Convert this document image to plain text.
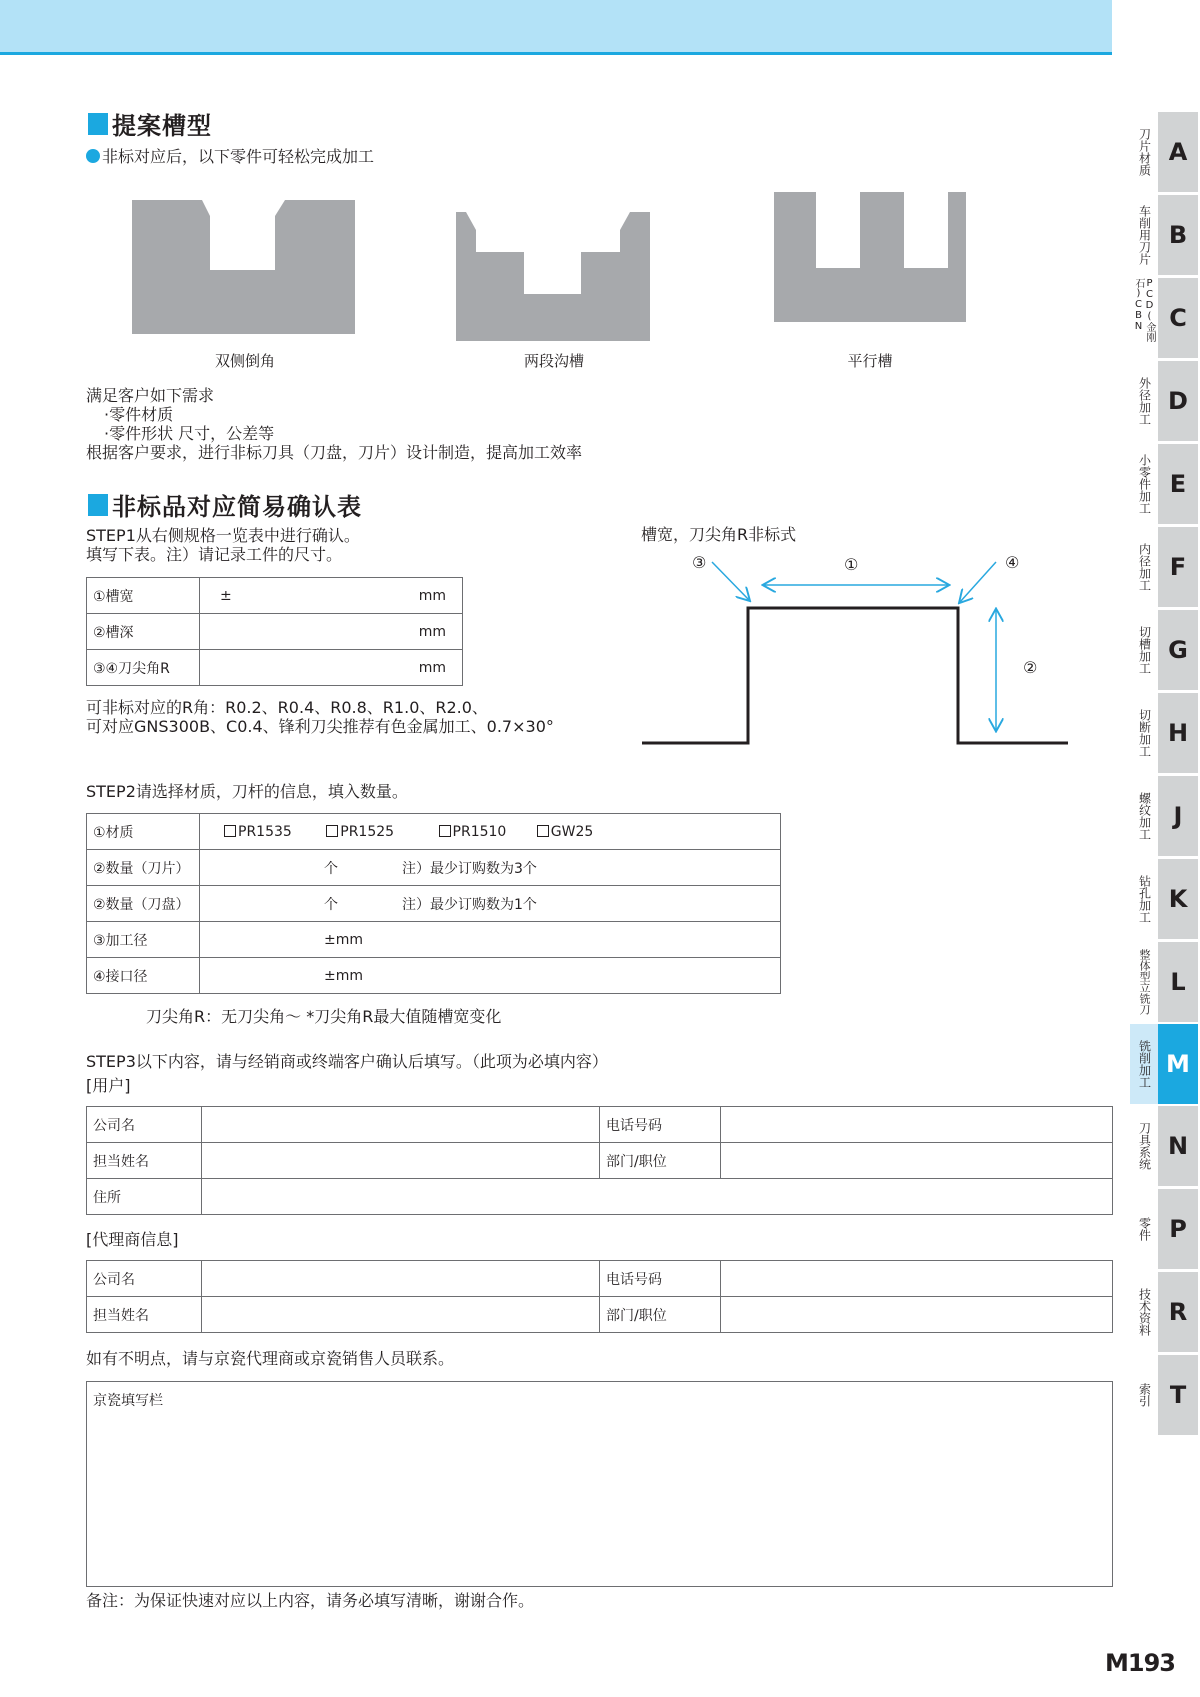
提案槽型
非标对应后，以下零件可轻松完成加工
双侧倒角	两段沟槽	平行槽
满足客户如下需求
·零件材质
·零件形状 尺寸，公差等
根据客户要求，进行非标刀具（刀盘，刀片）设计制造，提高加工效率
非标品对应简易确认表
STEP1从右侧规格一览表中进行确认。
填写下表。注）请记录工件的尺寸。
①槽宽	± mm

②槽深	mm

③④刀尖角R	mm
可非标对应的R角：R0.2、R0.4、R0.8、R1.0、R2.0、
可对应GNS300B、C0.4、锋利刀尖推荐有色金属加工、0.7×30°
槽宽，刀尖角R非标式
③	①	④
②
STEP2请选择材质，刀杆的信息，填入数量。
①材质	PR1535 PR1525 PR1510 GW25
②数量（刀片）	个 注）最少订购数为3个
②数量（刀盘）	个 注）最少订购数为1个
③加工径	±mm
④接口径	±mm
刀尖角R：无刀尖角～ *刀尖角R最大值随槽宽变化
STEP3以下内容，请与经销商或终端客户确认后填写。（此项为必填内容）
[用户]
公司名		电话号码	
担当姓名		部门/职位	
住所			
[代理商信息]
公司名		电话号码	
担当姓名		部门/职位	
如有不明点，请与京瓷代理商或京瓷销售人员联系。
京瓷填写栏
备注：为保证快速对应以上内容，请务必填写清晰，谢谢合作。
刀片材质 A
车削用刀片 B
PCD(金刚石)CBN	C
外径加工 D
小零件加工 E
内径加工 F
切槽加工 G
切断加工 H
螺纹加工 J
钻孔加工 K
整体型立铣刀 L
铣削加工 M
刀具系统 N
零件 P
技术资料 R
索引 T
M193
